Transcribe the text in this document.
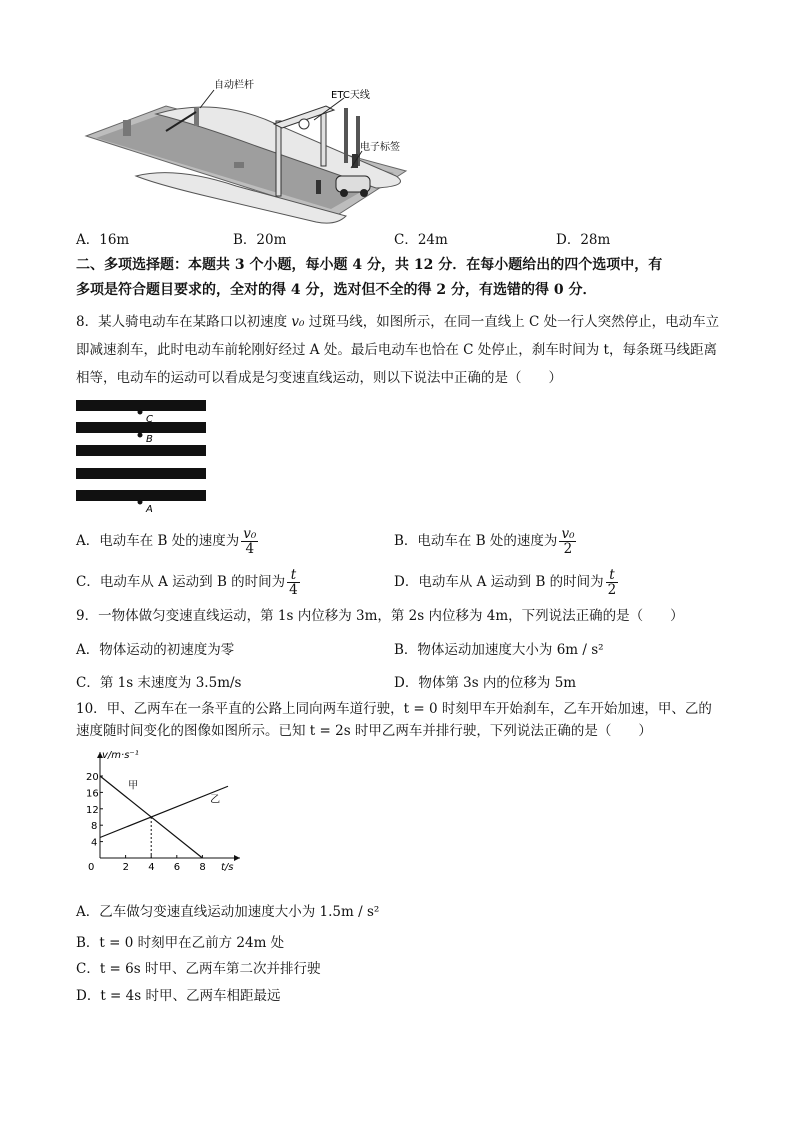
自动栏杆
ETC天线
电子标签
A．16m	B．20m	C．24m	D．28m
二、多项选择题：本题共 3 个小题，每小题 4 分，共 12 分．在每小题给出的四个选项中，有
多项是符合题目要求的，全对的得 4 分，选对但不全的得 2 分，有选错的得 0 分．
8．某人骑电动车在某路口以初速度 v₀ 过斑马线，如图所示，在同一直线上 C 处一行人突然停止，电动车立
即减速刹车，此时电动车前轮刚好经过 A 处。最后电动车也恰在 C 处停止，刹车时间为 t，每条斑马线距离
相等，电动车的运动可以看成是匀变速直线运动，则以下说法中正确的是（　　）
C
B
A
A．电动车在 B 处的速度为 $\frac{\text{v₀}}{4}$	B．电动车在 B 处的速度为 $\frac{\text{v₀}}{2}$
C．电动车从 A 运动到 B 的时间为 $\frac{t}{4}$	D．电动车从 A 运动到 B 的时间为 $\frac{t}{2}$
9．一物体做匀变速直线运动，第 1s 内位移为 3m，第 2s 内位移为 4m，下列说法正确的是（　　）
A．物体运动的初速度为零	B．物体运动加速度大小为 6m / s²
C．第 1s 末速度为 3.5m/s	D．物体第 3s 内的位移为 5m
10．甲、乙两车在一条平直的公路上同向两车道行驶，t = 0 时刻甲车开始刹车，乙车开始加速，甲、乙的
速度随时间变化的图像如图所示。已知 t = 2s 时甲乙两车并排行驶，下列说法正确的是（　　）
甲
乙
0	2 4 6 8
4
8
12
16
20
v/m·s⁻¹
t/s
A．乙车做匀变速直线运动加速度大小为 1.5m / s²
B．t = 0 时刻甲在乙前方 24m 处
C．t = 6s 时甲、乙两车第二次并排行驶
D．t = 4s 时甲、乙两车相距最远
